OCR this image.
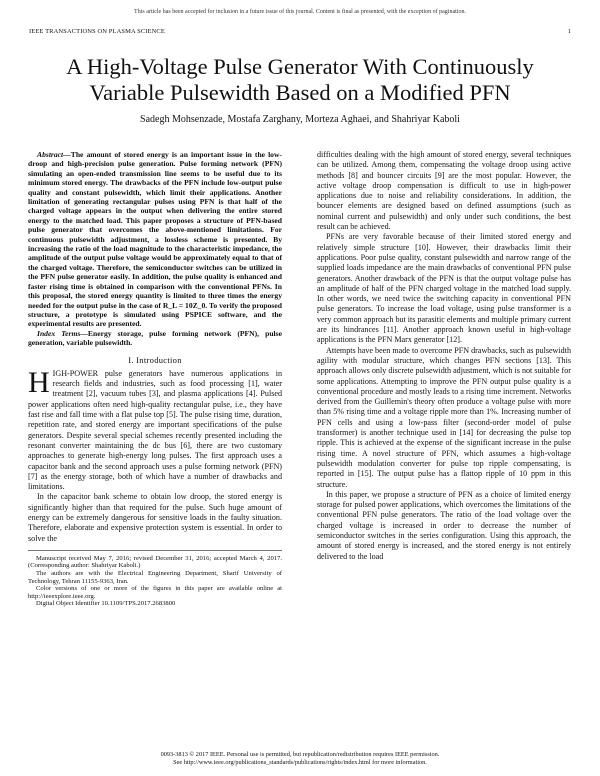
This article has been accepted for inclusion in a future issue of this journal. Content is final as presented, with the exception of pagination.
IEEE TRANSACTIONS ON PLASMA SCIENCE	1
A High-Voltage Pulse Generator With Continuously
Variable Pulsewidth Based on a Modified PFN
Sadegh Mohsenzade, Mostafa Zarghany, Morteza Aghaei, and Shahriyar Kaboli

Abstract—The amount of stored energy is an important issue in the low-droop and high-precision pulse generation. Pulse forming network (PFN) simulating an open-ended transmission line seems to be useful due to its minimum stored energy. The drawbacks of the PFN include low-output pulse quality and constant pulsewidth, which limit their applications. Another limitation of generating rectangular pulses using PFN is that half of the charged voltage appears in the output when delivering the entire stored energy to the matched load. This paper proposes a structure of PFN-based pulse generator that overcomes the above-mentioned limitations. For continuous pulsewidth adjustment, a lossless scheme is presented. By increasing the ratio of the load magnitude to the characteristic impedance, the amplitude of the output pulse voltage would be approximately equal to that of the charged voltage. Therefore, the semiconductor switches can be utilized in the PFN pulse generator easily. In addition, the pulse quality is enhanced and faster rising time is obtained in comparison with the conventional PFNs. In this proposal, the stored energy quantity is limited to three times the energy needed for the output pulse in the case of R_L = 10Z_0. To verify the proposed structure, a prototype is simulated using PSPICE software, and the experimental results are presented.

Index Terms—Energy storage, pulse forming network (PFN), pulse generation, variable pulsewidth.

I. Introduction

HIGH-POWER pulse generators have numerous applications in research fields and industries, such as food processing [1], water treatment [2], vacuum tubes [3], and plasma applications [4]. Pulsed power applications often need high-quality rectangular pulse, i.e., they have fast rise and fall time with a flat pulse top [5]. The pulse rising time, duration, repetition rate, and stored energy are important specifications of the pulse generators. Despite several special schemes recently presented including the resonant converter maintaining the dc bus [6], there are two customary approaches to generate high-energy long pulses. The first approach uses a capacitor bank and the second approach uses a pulse forming network (PFN) [7] as the energy storage, both of which have a number of drawbacks and limitations.

In the capacitor bank scheme to obtain low droop, the stored energy is significantly higher than that required for the pulse. Such huge amount of energy can be extremely dangerous for sensitive loads in the faulty situation. Therefore, elaborate and expensive protection system is essential. In order to solve the

Manuscript received May 7, 2016; revised December 31, 2016; accepted March 4, 2017. (Corresponding author: Shahriyar Kaboli.)

The authors are with the Electrical Engineering Department, Sharif University of Technology, Tehran 11155-9363, Iran.

Color versions of one or more of the figures in this paper are available online at http://ieeexplore.ieee.org.

Digital Object Identifier 10.1109/TPS.2017.2683800

difficulties dealing with the high amount of stored energy, several techniques can be utilized. Among them, compensating the voltage droop using active methods [8] and bouncer circuits [9] are the most popular. However, the active voltage droop compensation is difficult to use in high-power applications due to noise and reliability considerations. In addition, the bouncer elements are designed based on defined assumptions (such as nominal current and pulsewidth) and only under such conditions, the best result can be achieved.

PFNs are very favorable because of their limited stored energy and relatively simple structure [10]. However, their drawbacks limit their applications. Poor pulse quality, constant pulsewidth and narrow range of the supplied loads impedance are the main drawbacks of conventional PFN pulse generators. Another drawback of the PFN is that the output voltage pulse has an amplitude of half of the PFN charged voltage in the matched load supply. In other words, we need twice the switching capacity in conventional PFN pulse generators. To increase the load voltage, using pulse transformer is a very common approach but its parasitic elements and multiple primary current are its hindrances [11]. Another approach known useful in high-voltage applications is the PFN Marx generator [12].

Attempts have been made to overcome PFN drawbacks, such as pulsewidth agility with modular structure, which changes PFN sections [13]. This approach allows only discrete pulsewidth adjustment, which is not suitable for some applications. Attempting to improve the PFN output pulse quality is a conventional procedure and mostly leads to a rising time increment. Networks derived from the Guillemin's theory often produce a voltage pulse with more than 5% rising time and a voltage ripple more than 1%. Increasing number of PFN cells and using a low-pass filter (second-order model of pulse transformer) is another technique used in [14] for decreasing the pulse top ripple. This is achieved at the expense of the significant increase in the pulse rising time. A novel structure of PFN, which assumes a high-voltage pulsewidth modulation converter for pulse top ripple compensating, is reported in [15]. The output pulse has a flattop ripple of 10 ppm in this structure.

In this paper, we propose a structure of PFN as a choice of limited energy storage for pulsed power applications, which overcomes the limitations of the conventional PFN pulse generators. The ratio of the load voltage over the charged voltage is increased in order to decrease the number of semiconductor switches in the series configuration. Using this approach, the amount of stored energy is increased, and the stored energy is not entirely delivered to the load

0093-3813 © 2017 IEEE. Personal use is permitted, but republication/redistribution requires IEEE permission.
See http://www.ieee.org/publications_standards/publications/rights/index.html for more information.
